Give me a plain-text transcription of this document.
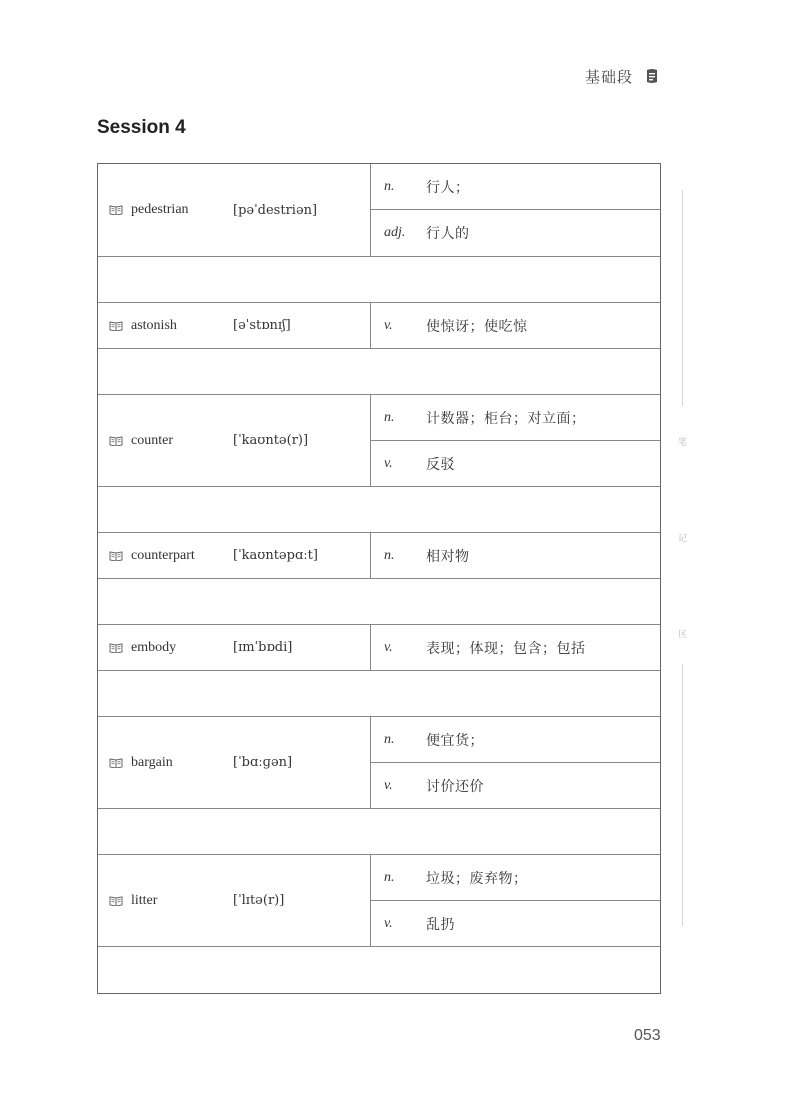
基础段
Session 4
pedestrian	[pəˈdestriən]
n.	行人；
adj.	行人的
astonish	[əˈstɒnɪʃ]	v.	使惊讶；使吃惊
counter	[ˈkaʊntə(r)]
n.	计数器；柜台；对立面；
v.	反驳
counterpart	[ˈkaʊntəpɑːt]	n.	相对物
embody	[ɪmˈbɒdi]	v.	表现；体现；包含；包括
bargain	[ˈbɑːɡən]
n.	便宜货；
v.	讨价还价
litter	[ˈlɪtə(r)]
n.	垃圾；废弃物；
v.	乱扔
笔
记
区
053
